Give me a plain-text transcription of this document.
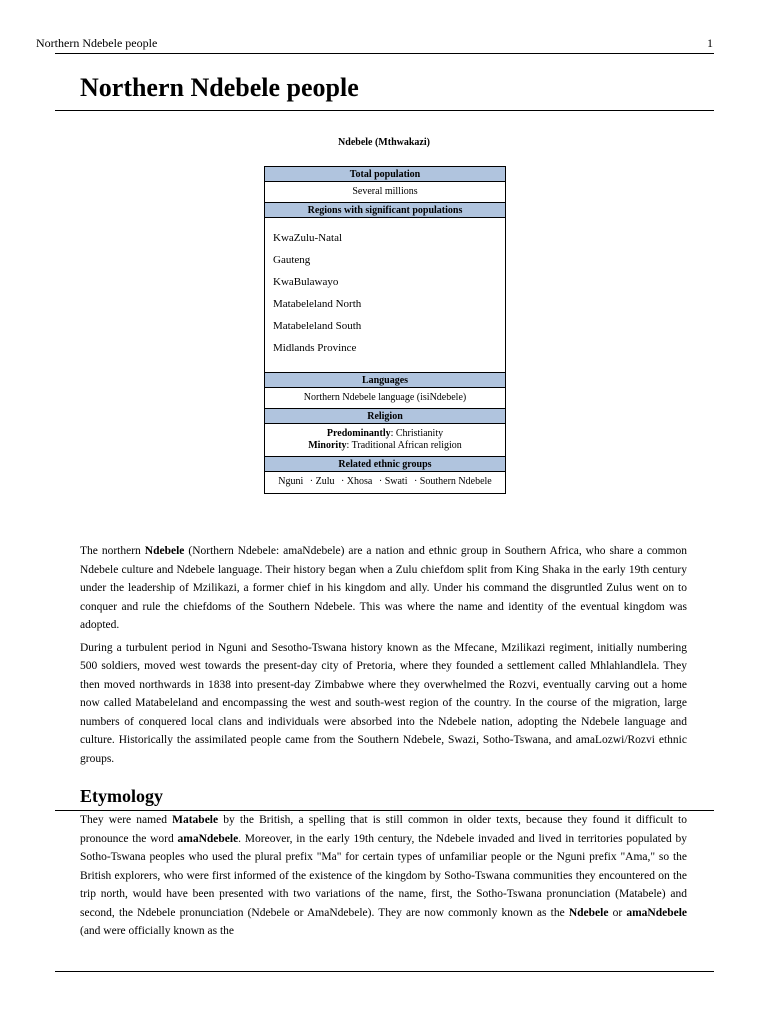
Northern Ndebele people	1
Northern Ndebele people
Ndebele (Mthwakazi)
Total population
Several millions
Regions with significant populations
KwaZulu-Natal
Gauteng
KwaBulawayo
Matabeleland North
Matabeleland South
Midlands Province
Languages
Northern Ndebele language (isiNdebele)
Religion
Predominantly: Christianity
Minority: Traditional African religion
Related ethnic groups
Nguni · Zulu · Xhosa · Swati · Southern Ndebele

The northern Ndebele (Northern Ndebele: amaNdebele) are a nation and ethnic group in Southern Africa, who share a common Ndebele culture and Ndebele language. Their history began when a Zulu chiefdom split from King Shaka in the early 19th century under the leadership of Mzilikazi, a former chief in his kingdom and ally. Under his command the disgruntled Zulus went on to conquer and rule the chiefdoms of the Southern Ndebele. This was where the name and identity of the eventual kingdom was adopted.

During a turbulent period in Nguni and Sesotho-Tswana history known as the Mfecane, Mzilikazi regiment, initially numbering 500 soldiers, moved west towards the present-day city of Pretoria, where they founded a settlement called Mhlahlandlela. They then moved northwards in 1838 into present-day Zimbabwe where they overwhelmed the Rozvi, eventually carving out a home now called Matabeleland and encompassing the west and south-west region of the country. In the course of the migration, large numbers of conquered local clans and individuals were absorbed into the Ndebele nation, adopting the Ndebele language and culture. Historically the assimilated people came from the Southern Ndebele, Swazi, Sotho-Tswana, and amaLozwi/Rozvi ethnic groups.

Etymology

They were named Matabele by the British, a spelling that is still common in older texts, because they found it difficult to pronounce the word amaNdebele. Moreover, in the early 19th century, the Ndebele invaded and lived in territories populated by Sotho-Tswana peoples who used the plural prefix "Ma" for certain types of unfamiliar people or the Nguni prefix "Ama," so the British explorers, who were first informed of the existence of the kingdom by Sotho-Tswana communities they encountered on the trip north, would have been presented with two variations of the name, first, the Sotho-Tswana pronunciation (Matabele) and second, the Ndebele pronunciation (Ndebele or AmaNdebele). They are now commonly known as the Ndebele or amaNdebele (and were officially known as the
